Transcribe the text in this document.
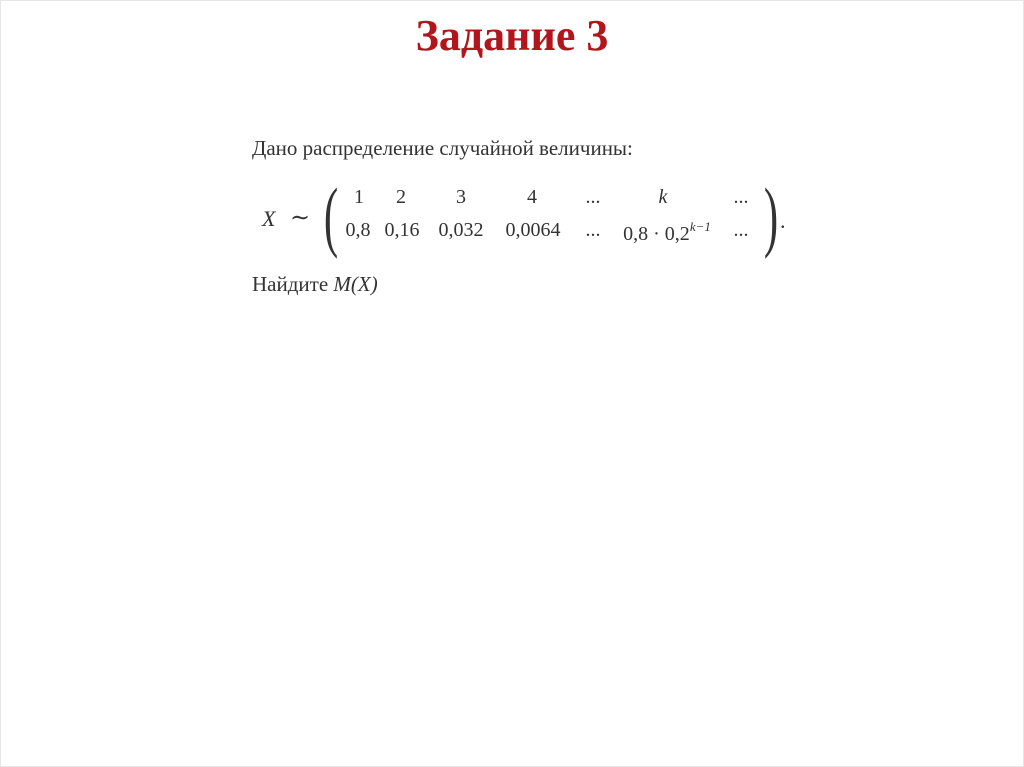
Задание 3
Дано распределение случайной величины:
X ∼ ( 1	2	3	4	...	k	...
0,8 0,16 0,032	0,0064	...	$0,8 \cdot 0,2^{k-1}$	... ) .
Найдите M(X)
